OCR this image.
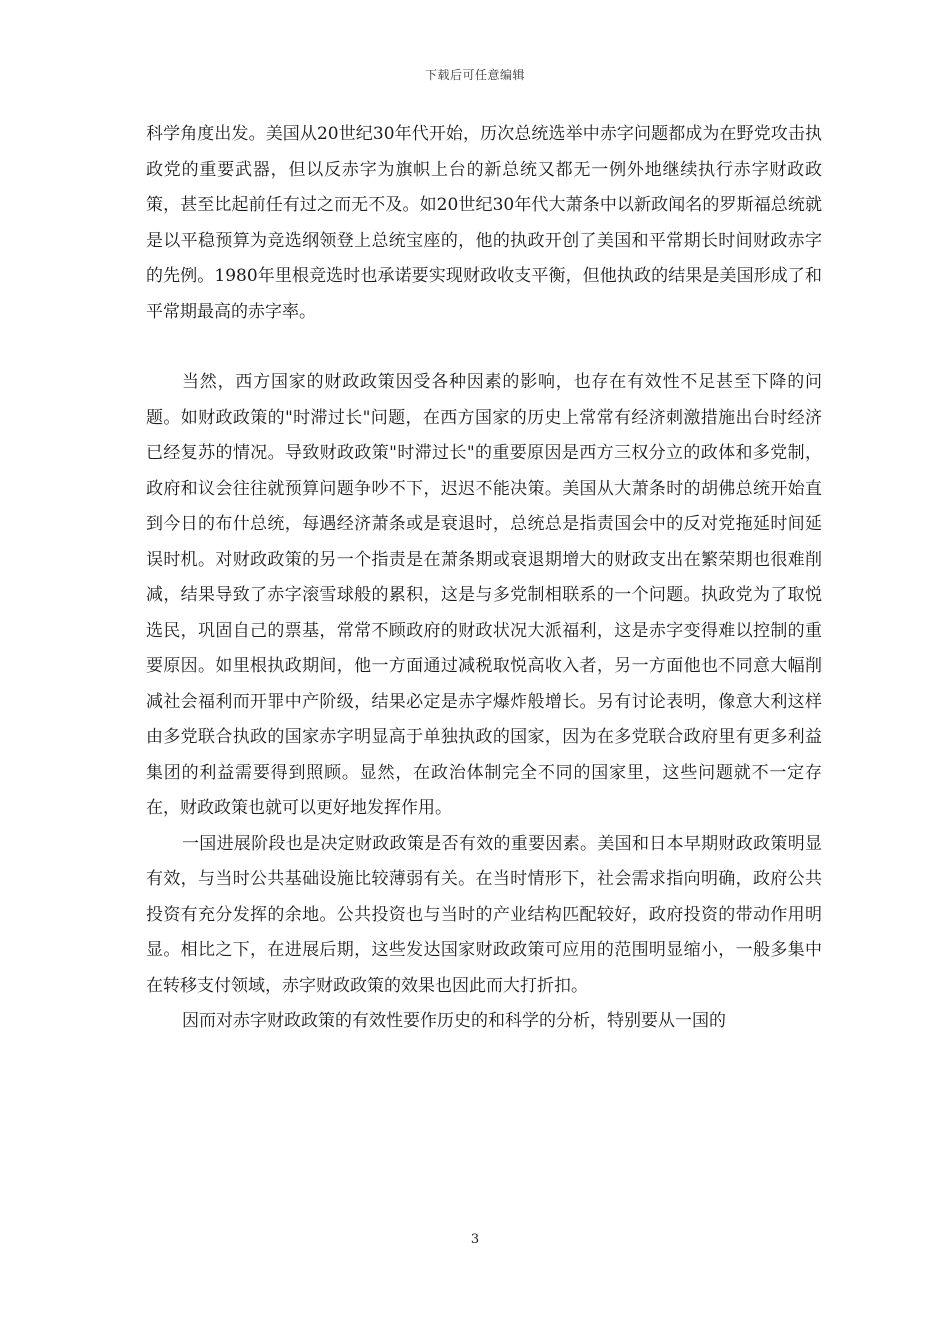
下载后可任意编辑

科学角度出发。美国从20世纪30年代开始，历次总统选举中赤字问题都成为在野党攻击执政党的重要武器，但以反赤字为旗帜上台的新总统又都无一例外地继续执行赤字财政政策，甚至比起前任有过之而无不及。如20世纪30年代大萧条中以新政闻名的罗斯福总统就是以平稳预算为竞选纲领登上总统宝座的，他的执政开创了美国和平常期长时间财政赤字的先例。1980年里根竞选时也承诺要实现财政收支平衡，但他执政的结果是美国形成了和平常期最高的赤字率。

当然，西方国家的财政政策因受各种因素的影响，也存在有效性不足甚至下降的问题。如财政政策的"时滞过长"问题，在西方国家的历史上常常有经济刺激措施出台时经济已经复苏的情况。导致财政政策"时滞过长"的重要原因是西方三权分立的政体和多党制，政府和议会往往就预算问题争吵不下，迟迟不能决策。美国从大萧条时的胡佛总统开始直到今日的布什总统，每遇经济萧条或是衰退时，总统总是指责国会中的反对党拖延时间延误时机。对财政政策的另一个指责是在萧条期或衰退期增大的财政支出在繁荣期也很难削减，结果导致了赤字滚雪球般的累积，这是与多党制相联系的一个问题。执政党为了取悦选民，巩固自己的票基，常常不顾政府的财政状况大派福利，这是赤字变得难以控制的重要原因。如里根执政期间，他一方面通过减税取悦高收入者，另一方面他也不同意大幅削减社会福利而开罪中产阶级，结果必定是赤字爆炸般增长。另有讨论表明，像意大利这样由多党联合执政的国家赤字明显高于单独执政的国家，因为在多党联合政府里有更多利益集团的利益需要得到照顾。显然，在政治体制完全不同的国家里，这些问题就不一定存在，财政政策也就可以更好地发挥作用。

一国进展阶段也是决定财政政策是否有效的重要因素。美国和日本早期财政政策明显有效，与当时公共基础设施比较薄弱有关。在当时情形下，社会需求指向明确，政府公共投资有充分发挥的余地。公共投资也与当时的产业结构匹配较好，政府投资的带动作用明显。相比之下，在进展后期，这些发达国家财政政策可应用的范围明显缩小，一般多集中在转移支付领域，赤字财政政策的效果也因此而大打折扣。

因而对赤字财政政策的有效性要作历史的和科学的分析，特别要从一国的

3
